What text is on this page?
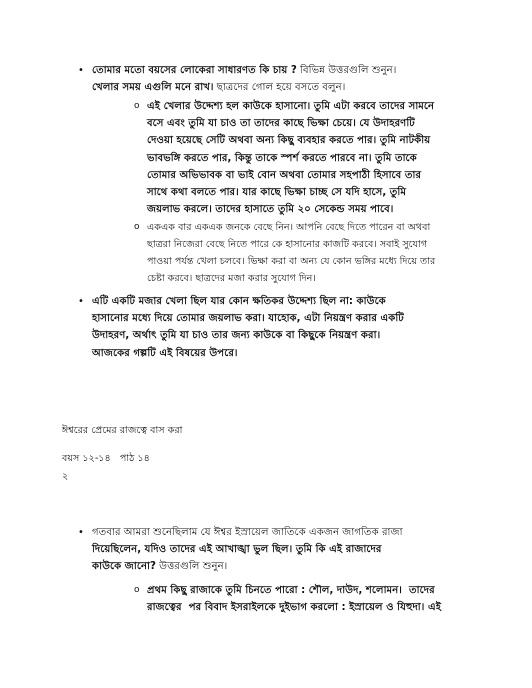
• তোমার মতো বয়সের লোকেরা সাধারণত কি চায় ? বিভিন্ন উত্তরগুলি শুনুন।
খেলার সময় এগুলি মনে রাখ। ছাত্রদের গোল হয়ে বসতে বলুন।
o এই খেলার উদ্দেশ্য হল কাউকে হাসানো। তুমি এটা করবে তাদের সামনে
বসে এবং তুমি যা চাও তা তাদের কাছে ভিক্ষা চেয়ে। যে উদাহরণটি
দেওয়া হয়েছে সেটি অথবা অন্য কিছু ব্যবহার করতে পার। তুমি নাটকীয়
ভাবভঙ্গি করতে পার, কিন্তু তাকে স্পর্শ করতে পারবে না। তুমি তাকে
তোমার অভিভাবক বা ভাই বোন অথবা তোমার সহপাঠী হিসাবে তার
সাথে কথা বলতে পার। যার কাছে ভিক্ষা চাচ্ছ সে যদি হাসে, তুমি
জয়লাভ করলে। তাদের হাসাতে তুমি ২০ সেকেন্ড সময় পাবে।
o একএক বার একএক জনকে বেছে নিন। আপনি বেছে দিতে পারেন বা অথবা
ছাত্ররা নিজেরা বেছে নিতে পারে কে হাসানোর কাজটি করবে। সবাই সুযোগ
পাওয়া পর্যন্ত খেলা চলবে। ভিক্ষা করা বা অন্য যে কোন ভঙ্গির মধ্যে দিয়ে তার
চেষ্টা করবে। ছাত্রদের মজা করার সুযোগ দিন।
• এটি একটি মজার খেলা ছিল যার কোন ক্ষতিকর উদ্দেশ্য ছিল না: কাউকে
হাসানোর মধ্যে দিয়ে তোমার জয়লাভ করা। যাহোক, এটা নিয়ন্ত্রণ করার একটি
উদাহরণ, অর্থাৎ তুমি যা চাও তার জন্য কাউকে বা কিছুকে নিয়ন্ত্রণ করা।
আজকের গল্পটি এই বিষয়ের উপরে।
ঈশ্বরের প্রেমের রাজত্বে বাস করা
বয়স ১২-১৪   পাঠ ১৪
২
• গতবার আমরা শুনেছিলাম যে ঈশ্বর ইস্রায়েল জাতিকে একজন জাগতিক রাজা
দিয়েছিলেন, যদিও তাদের এই আখাঙ্খা ভুল ছিল। তুমি কি এই রাজাদের
কাউকে জানো? উত্তরগুলি শুনুন।
o প্রথম কিছু রাজাকে তুমি চিনতে পারো : শৌল, দাউদ, শলোমন।  তাদের
রাজত্বের  পর বিবাদ ইসরাইলকে দুইভাগ করলো : ইস্রায়েল ও যিহুদা। এই
